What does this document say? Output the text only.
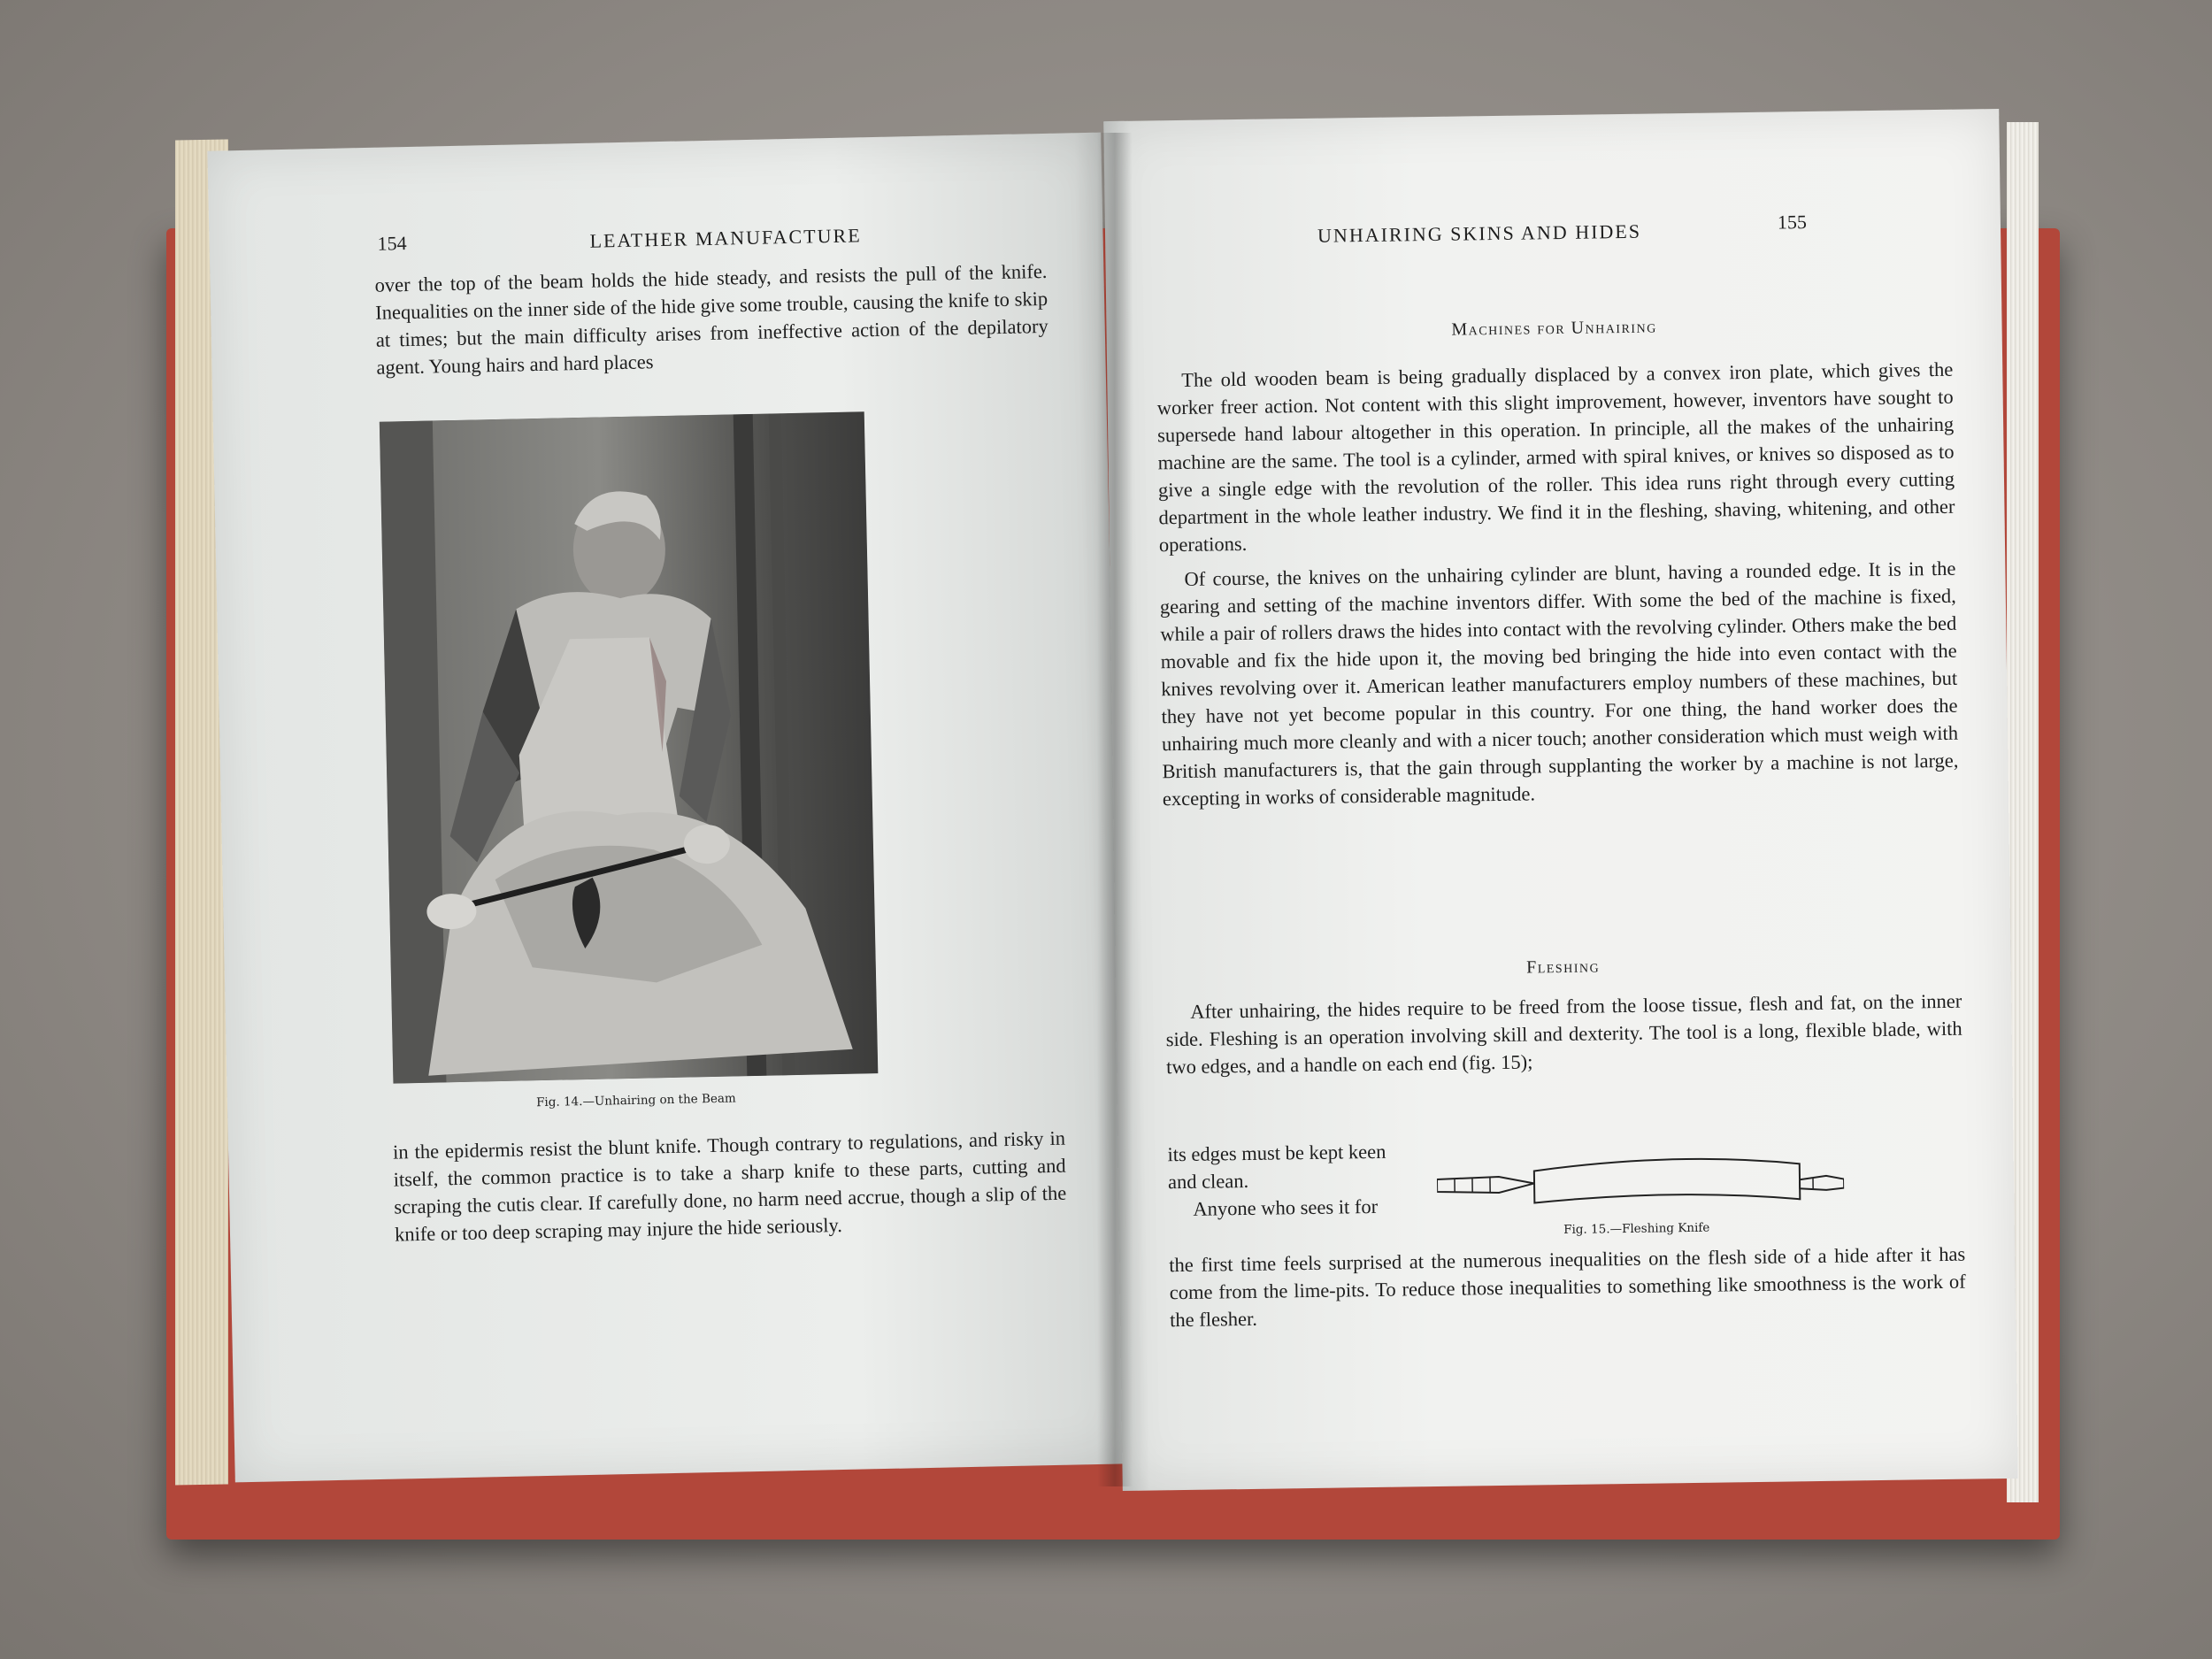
154	LEATHER MANUFACTURE
over the top of the beam holds the hide steady, and resists the pull of the knife. Inequalities on the inner side of the hide give some trouble, causing the knife to skip at times; but the main difficulty arises from ineffective action of the depilatory agent. Young hairs and hard places
Fig. 14.—Unhairing on the Beam
in the epidermis resist the blunt knife. Though contrary to regulations, and risky in itself, the common practice is to take a sharp knife to these parts, cutting and scraping the cutis clear. If carefully done, no harm need accrue, though a slip of the knife or too deep scraping may injure the hide seriously.
UNHAIRING SKINS AND HIDES	155
Machines for Unhairing

The old wooden beam is being gradually displaced by a convex iron plate, which gives the worker freer action. Not content with this slight improvement, however, inventors have sought to supersede hand labour altogether in this operation. In principle, all the makes of the unhairing machine are the same. The tool is a cylinder, armed with spiral knives, or knives so disposed as to give a single edge with the revolution of the roller. This idea runs right through every cutting department in the whole leather industry. We find it in the fleshing, shaving, whitening, and other operations.

Of course, the knives on the unhairing cylinder are blunt, having a rounded edge. It is in the gearing and setting of the machine inventors differ. With some the bed of the machine is fixed, while a pair of rollers draws the hides into contact with the revolving cylinder. Others make the bed movable and fix the hide upon it, the moving bed bringing the hide into even contact with the knives revolving over it. American leather manufacturers employ numbers of these machines, but they have not yet become popular in this country. For one thing, the hand worker does the unhairing much more cleanly and with a nicer touch; another consideration which must weigh with British manufacturers is, that the gain through supplanting the worker by a machine is not large, excepting in works of considerable magnitude.

Fleshing

After unhairing, the hides require to be freed from the loose tissue, flesh and fat, on the inner side. Fleshing is an operation involving skill and dexterity. The tool is a long, flexible blade, with two edges, and a handle on each end (fig. 15);

its edges must be kept keen and clean.
Anyone who sees it for
Fig. 15.—Fleshing Knife
the first time feels surprised at the numerous inequalities on the flesh side of a hide after it has come from the lime-pits. To reduce those inequalities to something like smoothness is the work of the flesher.
